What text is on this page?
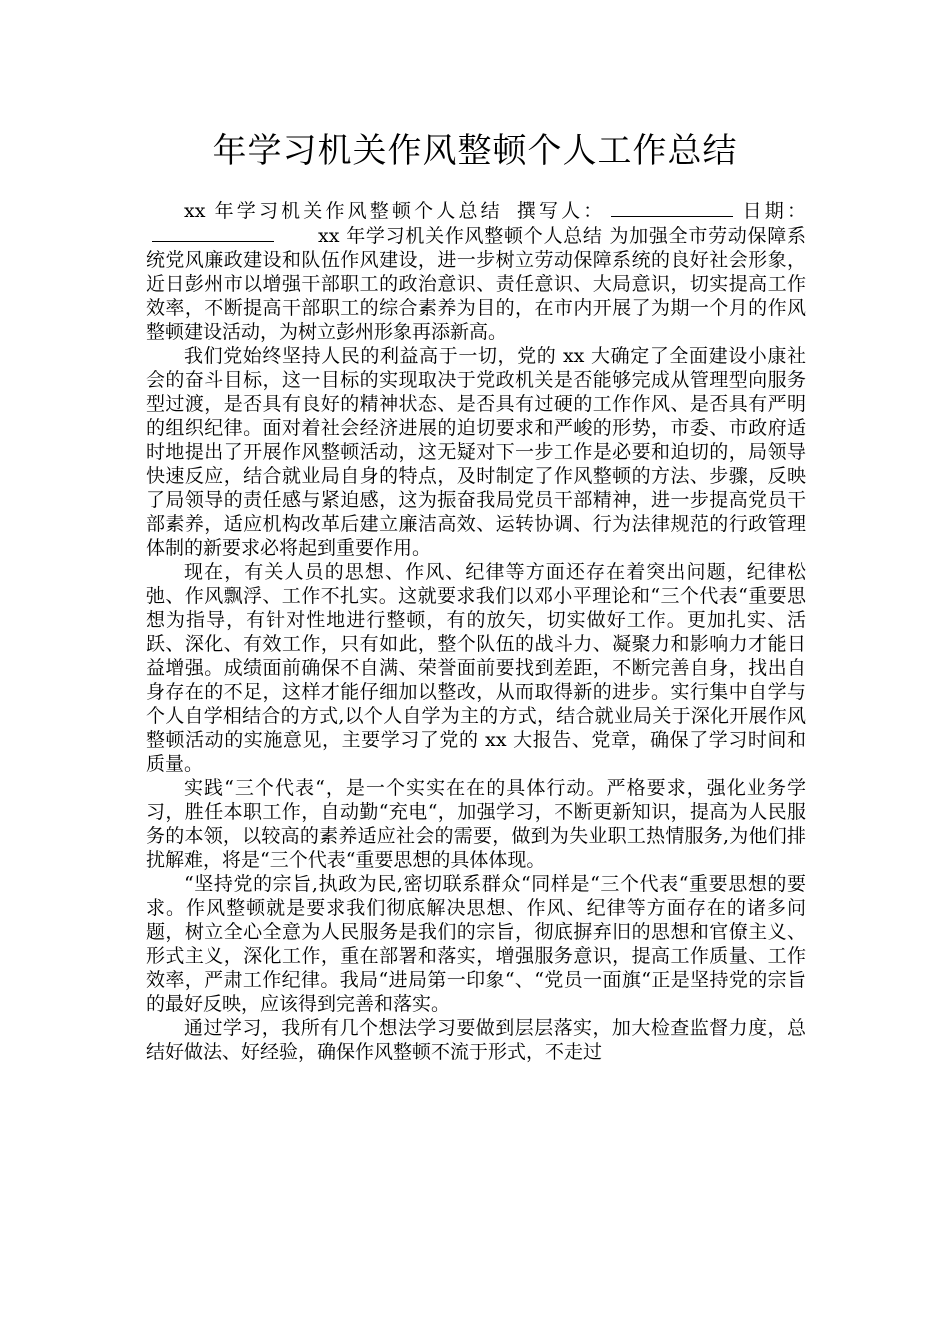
年学习机关作风整顿个人工作总结

xx 年学习机关作风整顿个人总结 撰写人：	日期：xx 年学习机关作风整顿个人总结 为加强全市劳动保障系统党风廉政建设和队伍作风建设，进一步树立劳动保障系统的良好社会形象，近日彭州市以增强干部职工的政治意识、责任意识、大局意识，切实提高工作效率，不断提高干部职工的综合素养为目的，在市内开展了为期一个月的作风整顿建设活动，为树立彭州形象再添新高。

我们党始终坚持人民的利益高于一切，党的 xx 大确定了全面建设小康社会的奋斗目标，这一目标的实现取决于党政机关是否能够完成从管理型向服务型过渡，是否具有良好的精神状态、是否具有过硬的工作作风、是否具有严明的组织纪律。面对着社会经济进展的迫切要求和严峻的形势，市委、市政府适时地提出了开展作风整顿活动，这无疑对下一步工作是必要和迫切的，局领导快速反应，结合就业局自身的特点，及时制定了作风整顿的方法、步骤，反映了局领导的责任感与紧迫感，这为振奋我局党员干部精神，进一步提高党员干部素养，适应机构改革后建立廉洁高效、运转协调、行为法律规范的行政管理体制的新要求必将起到重要作用。

现在，有关人员的思想、作风、纪律等方面还存在着突出问题，纪律松弛、作风飘浮、工作不扎实。这就要求我们以邓小平理论和“三个代表“重要思想为指导，有针对性地进行整顿，有的放矢，切实做好工作。更加扎实、活跃、深化、有效工作，只有如此，整个队伍的战斗力、凝聚力和影响力才能日益增强。成绩面前确保不自满、荣誉面前要找到差距，不断完善自身，找出自身存在的不足，这样才能仔细加以整改，从而取得新的进步。实行集中自学与个人自学相结合的方式,以个人自学为主的方式，结合就业局关于深化开展作风整顿活动的实施意见，主要学习了党的 xx 大报告、党章，确保了学习时间和质量。

实践“三个代表“，是一个实实在在的具体行动。严格要求，强化业务学习，胜任本职工作，自动勤“充电“，加强学习，不断更新知识，提高为人民服务的本领，以较高的素养适应社会的需要，做到为失业职工热情服务,为他们排扰解难，将是“三个代表“重要思想的具体体现。

“坚持党的宗旨,执政为民,密切联系群众“同样是“三个代表“重要思想的要求。作风整顿就是要求我们彻底解决思想、作风、纪律等方面存在的诸多问题，树立全心全意为人民服务是我们的宗旨，彻底摒弃旧的思想和官僚主义、形式主义，深化工作，重在部署和落实，增强服务意识，提高工作质量、工作效率，严肃工作纪律。我局“进局第一印象“、“党员一面旗“正是坚持党的宗旨的最好反映，应该得到完善和落实。

通过学习，我所有几个想法学习要做到层层落实，加大检查监督力度，总结好做法、好经验，确保作风整顿不流于形式，不走过
